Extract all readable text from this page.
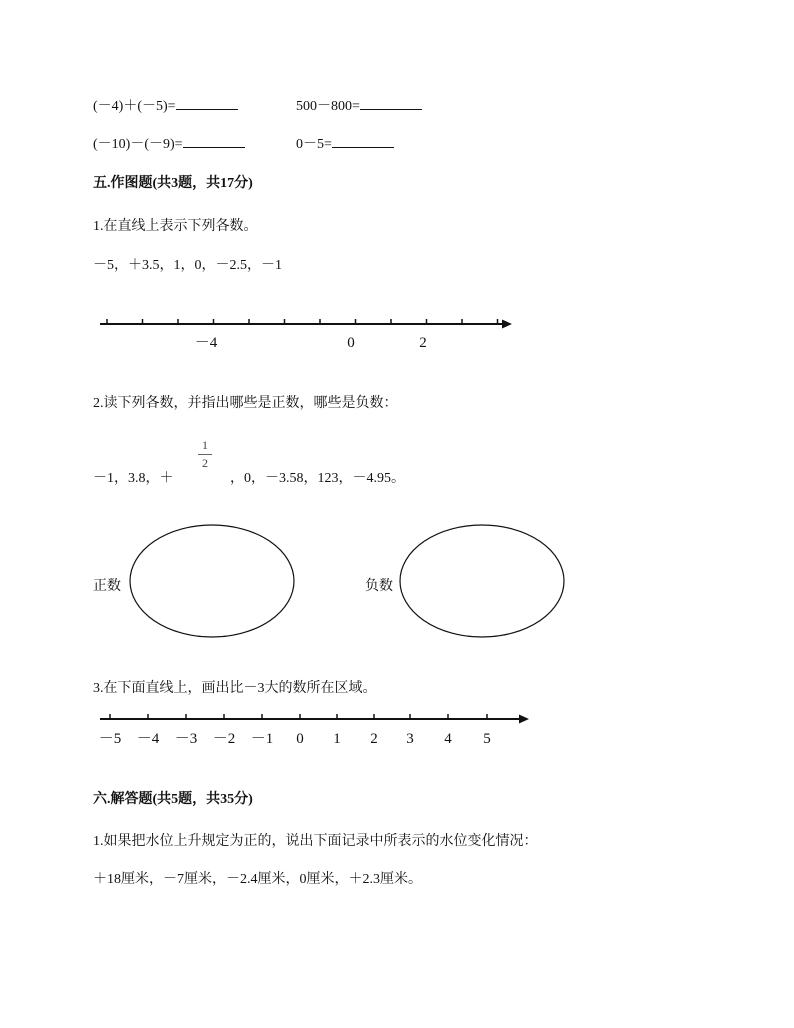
(－4)＋(－5)=	500－800=
(－10)－(－9)=	0－5=
五.作图题(共3题，共17分)
1.在直线上表示下列各数。
－5，＋3.5，1，0，－2.5，－1
－4	0	2
2.读下列各数，并指出哪些是正数，哪些是负数：
－1，3.8，＋
1
2
，0，－3.58，123，－4.95。
正数	负数
3.在下面直线上，画出比－3大的数所在区域。
－5 －4 －3 －2 －1 0 1 2 3 4 5
六.解答题(共5题，共35分)
1.如果把水位上升规定为正的，说出下面记录中所表示的水位变化情况：
＋18厘米，－7厘米，－2.4厘米，0厘米，＋2.3厘米。
